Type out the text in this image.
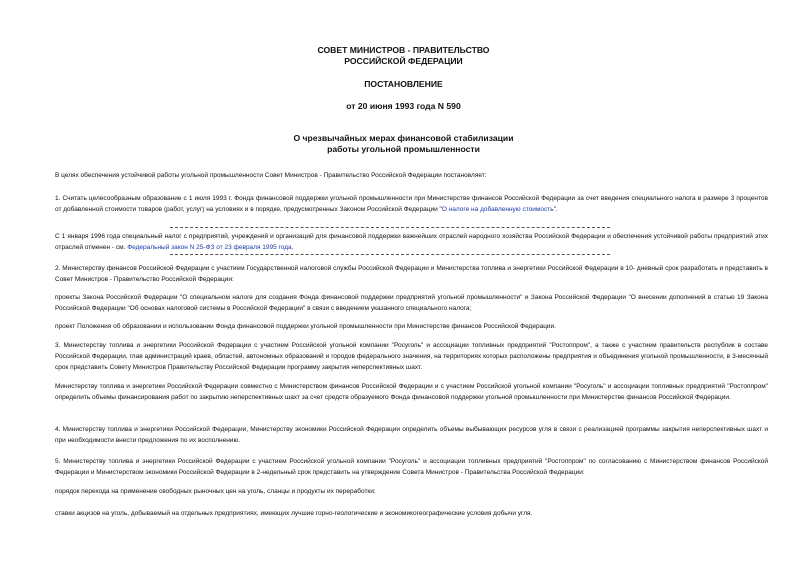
СОВЕТ МИНИСТРОВ - ПРАВИТЕЛЬСТВО

РОССИЙСКОЙ ФЕДЕРАЦИИ

ПОСТАНОВЛЕНИЕ

от 20 июня 1993 года N 590

О чрезвычайных мерах финансовой стабилизации

работы угольной промышленности

В целях обеспечения устойчивой работы угольной промышленности Совет Министров - Правительство Российской Федерации постановляет:

1. Считать целесообразным образование с 1 июля 1993 г. Фонда финансовой поддержки угольной промышленности при Министерстве финансов Российской Федерации за счет введения специального налога в размере 3 процентов от добавленной стоимости товаров (работ, услуг) на условиях и в порядке, предусмотренных Законом Российской Федерации "О налоге на добавленную стоимость".

С 1 января 1996 года специальный налог с предприятий, учреждений и организаций для финансовой поддержки важнейших отраслей народного хозяйства Российской Федерации и обеспечения устойчивой работы предприятий этих отраслей отменен - см. Федеральный закон N 25-ФЗ от 23 февраля 1995 года.

2. Министерству финансов Российской Федерации с участием Государственной налоговой службы Российской Федерации и Министерства топлива и энергетики Российской Федерации в 10- дневный срок разработать и представить в Совет Министров - Правительство Российской Федерации:

проекты Закона Российской Федерации "О специальном налоге для создания Фонда финансовой поддержки предприятий угольной промышленности" и Закона Российской Федерации "О внесении дополнений в статью 19 Закона Российской Федерации "Об основах налоговой системы в Российской Федерации" в связи с введением указанного специального налога;

проект Положения об образовании и использовании Фонда финансовой поддержки угольной промышленности при Министерстве финансов Российской Федерации.

3. Министерству топлива и энергетики Российской Федерации с участием Российской угольной компании "Росуголь" и ассоциации топливных предприятий "Ростоппром", а также с участием правительств республик в составе Российской Федерации, глав администраций краев, областей, автономных образований и городов федерального значения, на территориях которых расположены предприятия и объединения угольной промышленности, в 3-месячный срок представить Совету Министров Правительству Российской Федерации программу закрытия неперспективных шахт.

Министерству топлива и энергетики Российской Федерации совместно с Министерством финансов Российской Федерации и с участием Российской угольной компании "Росуголь" и ассоциации топливных предприятий "Ростоппром" определить объемы финансирования работ по закрытию неперспективных шахт за счет средств образуемого Фонда финансовой поддержки угольной промышленности при Министерстве финансов Российской Федерации.

4. Министерству топлива и энергетики Российской Федерации, Министерству экономики Российской Федерации определить объемы выбывающих ресурсов угля в связи с реализацией программы закрытия неперспективных шахт и при необходимости внести предложения по их восполнению.

5. Министерству топлива и энергетики Российской Федерации с участием Российской угольной компании "Росуголь" и ассоциации топливных предприятий "Ростоппром" по согласованию с Министерством финансов Российской Федерации и Министерством экономики Российской Федерации в 2-недельный срок представить на утверждение Совета Министров - Правительства Российской Федерации:

порядок перехода на применение свободных рыночных цен на уголь, сланцы и продукты их переработки;

ставки акцизов на уголь, добываемый на отдельных предприятиях, имеющих лучшие горно-геологические и экономикогеографические условия добычи угля.
